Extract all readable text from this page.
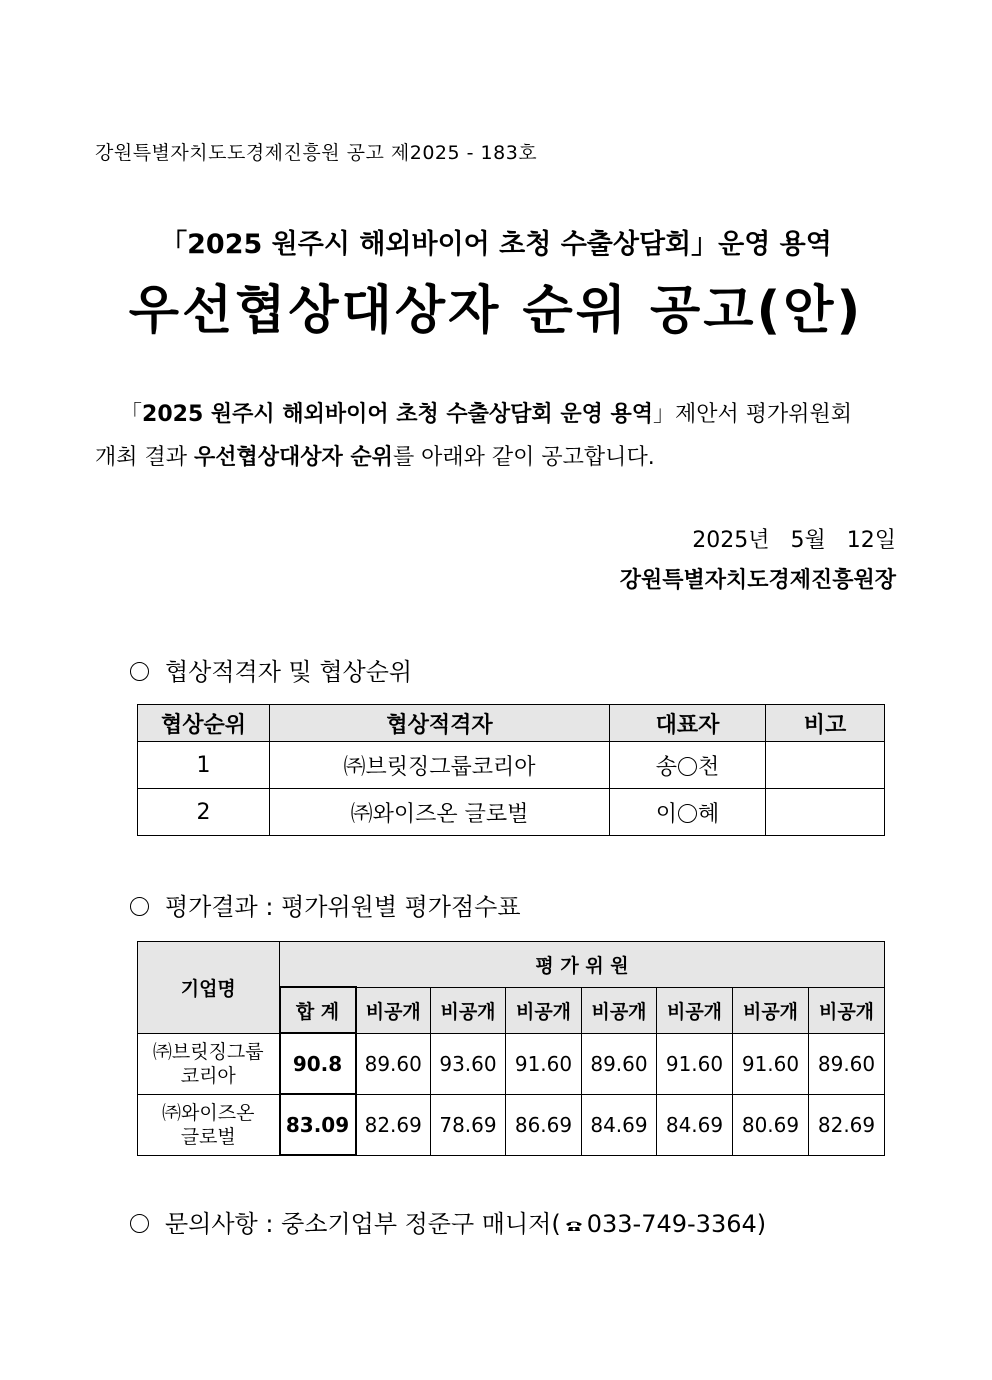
강원특별자치도도경제진흥원 공고 제2025 - 183호
「2025 원주시 해외바이어 초청 수출상담회」운영 용역
우선협상대상자 순위 공고(안)
「2025 원주시 해외바이어 초청 수출상담회 운영 용역」제안서 평가위원회
개최 결과 우선협상대상자 순위를 아래와 같이 공고합니다.
2025년   5월   12일
강원특별자치도경제진흥원장
협상적격자 및 협상순위
협상순위	협상적격자	대표자	비고
1	㈜브릿징그룹코리아	송 천	
2	㈜와이즈온 글로벌	이 혜	
평가결과 : 평가위원별 평가점수표
기업명	평 가 위 원							
	합 계	비공개	비공개	비공개	비공개	비공개	비공개	비공개

㈜브릿징그룹
코리아	90.8	89.60	93.60	91.60	89.60	91.60	91.60	89.60

㈜와이즈온
글로벌	83.09	82.69	78.69	86.69	84.69	84.69	80.69	82.69
문의사항 : 중소기업부 정준구 매니저( 033-749-3364)
